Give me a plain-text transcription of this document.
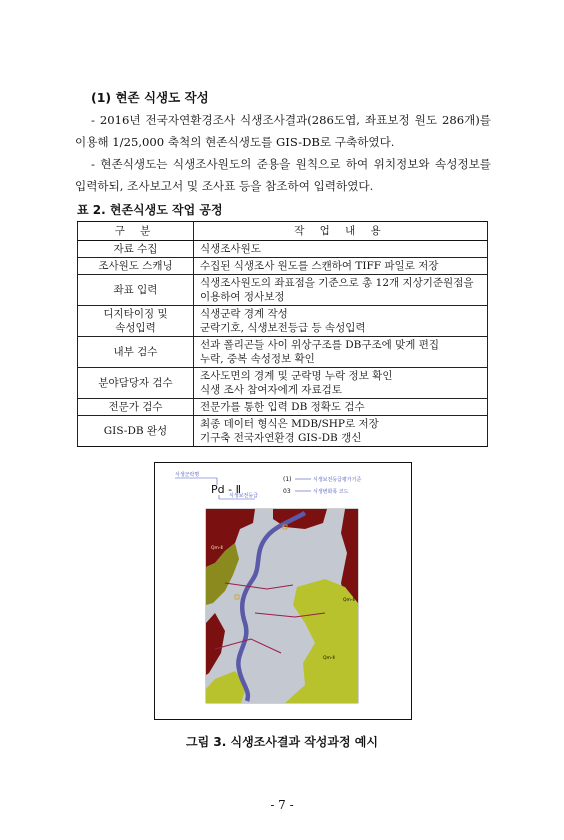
(1) 현존 식생도 작성
- 2016년 전국자연환경조사 식생조사결과(286도엽, 좌표보정 원도 286개)를 이용해 1/25,000 축척의 현존식생도를 GIS-DB로 구축하였다.
- 현존식생도는 식생조사원도의 준용을 원칙으로 하여 위치정보와 속성정보를 입력하되, 조사보고서 및 조사표 등을 참조하여 입력하였다.
표 2. 현존식생도 작업 공정
구 분	작 업 내 용
자료 수집	식생조사원도
조사원도 스캐닝	수집된 식생조사 원도를 스캔하여 TIFF 파일로 저장
좌표 입력	식생조사원도의 좌표점을 기준으로 총 12개 지상기준원점을 이용하여 정사보정
디지타이징 및
속성입력	식생군락 경계 작성
군락기호, 식생보전등급 등 속성입력
내부 검수	선과 폴리곤들 사이 위상구조를 DB구조에 맞게 편집
누락, 중복 속성정보 확인
분야담당자 검수	조사도면의 경계 및 군락명 누락 정보 확인
식생 조사 참여자에게 자료검토
전문가 검수	전문가를 통한 입력 DB 정확도 검수
GIS-DB 완성	최종 데이터 형식은 MDB/SHP로 저장
기구축 전국자연환경 GIS-DB 갱신
식생군락명
Pd - Ⅱ
(1)
03
식생보전등급평가기준
식생변화폭 코드
식생보전등급
Qm-Ⅱ
Qm-Ⅱ
Qm-Ⅱ
그림 3. 식생조사결과 작성과정 예시
- 7 -
